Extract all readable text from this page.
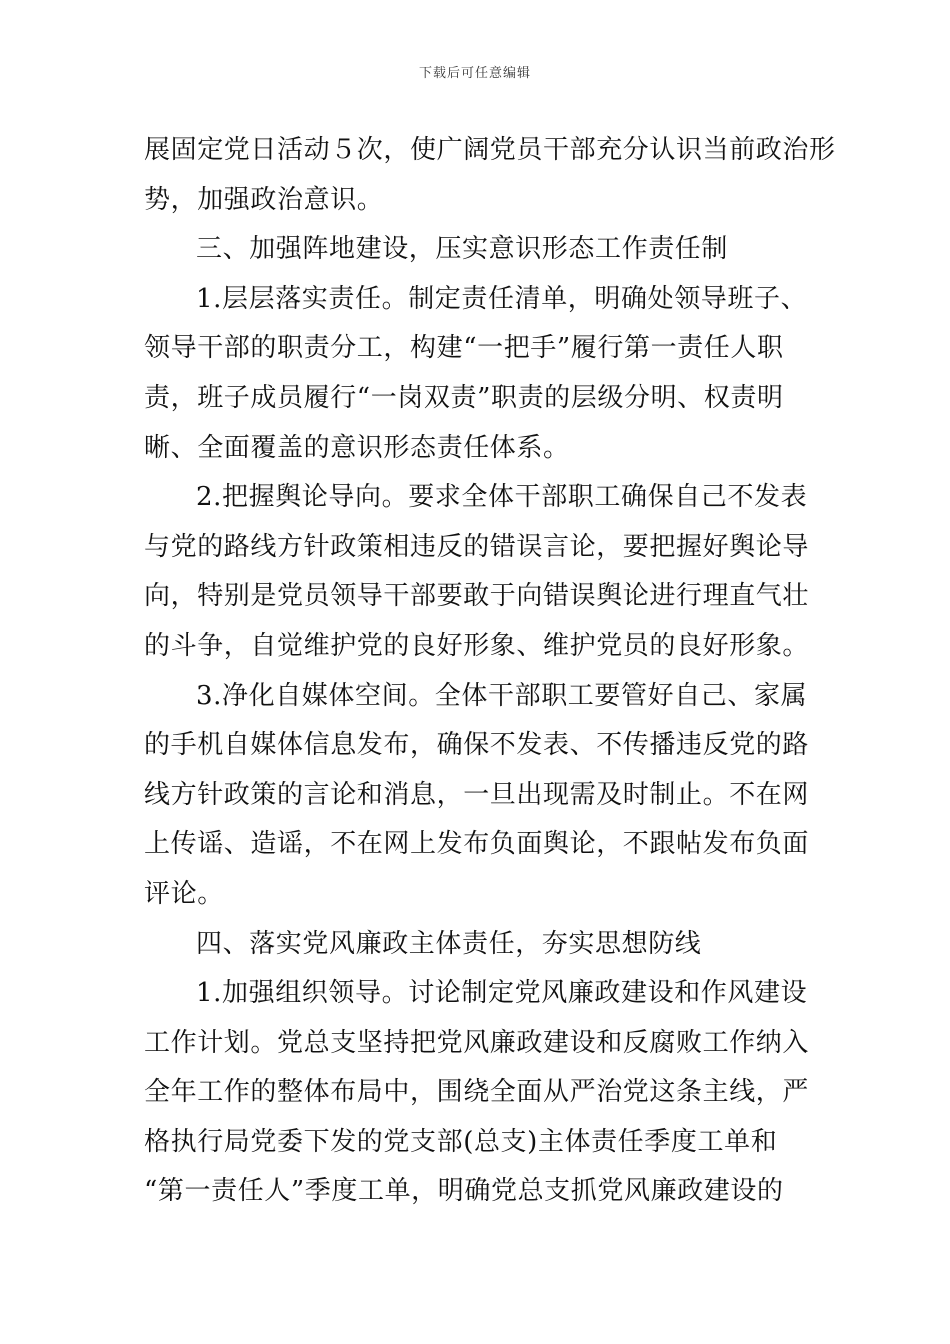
下载后可任意编辑
展固定党日活动５次，使广阔党员干部充分认识当前政治形
势，加强政治意识。
三、加强阵地建设，压实意识形态工作责任制
1.层层落实责任。制定责任清单，明确处领导班子、
领导干部的职责分工，构建“一把手”履行第一责任人职
责，班子成员履行“一岗双责”职责的层级分明、权责明
晰、全面覆盖的意识形态责任体系。
2.把握舆论导向。要求全体干部职工确保自己不发表
与党的路线方针政策相违反的错误言论，要把握好舆论导
向，特别是党员领导干部要敢于向错误舆论进行理直气壮
的斗争，自觉维护党的良好形象、维护党员的良好形象。
3.净化自媒体空间。全体干部职工要管好自己、家属
的手机自媒体信息发布，确保不发表、不传播违反党的路
线方针政策的言论和消息，一旦出现需及时制止。不在网
上传谣、造谣，不在网上发布负面舆论，不跟帖发布负面
评论。
四、落实党风廉政主体责任，夯实思想防线
1.加强组织领导。讨论制定党风廉政建设和作风建设
工作计划。党总支坚持把党风廉政建设和反腐败工作纳入
全年工作的整体布局中，围绕全面从严治党这条主线，严
格执行局党委下发的党支部(总支)主体责任季度工单和
“第一责任人”季度工单，明确党总支抓党风廉政建设的
